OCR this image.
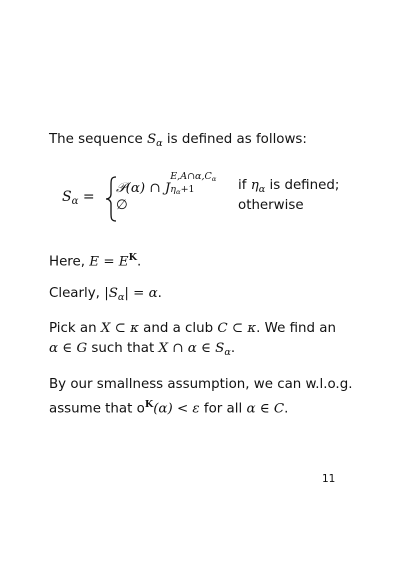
The sequence $S_\alpha$ is defined as follows:
$S_\alpha$ =
𝒫(α) ∩ J
$E,A\cap\alpha,C_\alpha$
$\eta_\alpha+1$	if $\eta_\alpha$ is defined;
∅	otherwise
Here, $E = E^K$.
Clearly, $|S_\alpha| = \alpha$.
Pick an X ⊂ κ and a club C ⊂ κ. We find an
α ∈ G such that X ∩ α ∈ $S_\alpha$.
By our smallness assumption, we can w.l.o.g.
assume that $o^K(\alpha) < \varepsilon$ for all α ∈ C.
11
